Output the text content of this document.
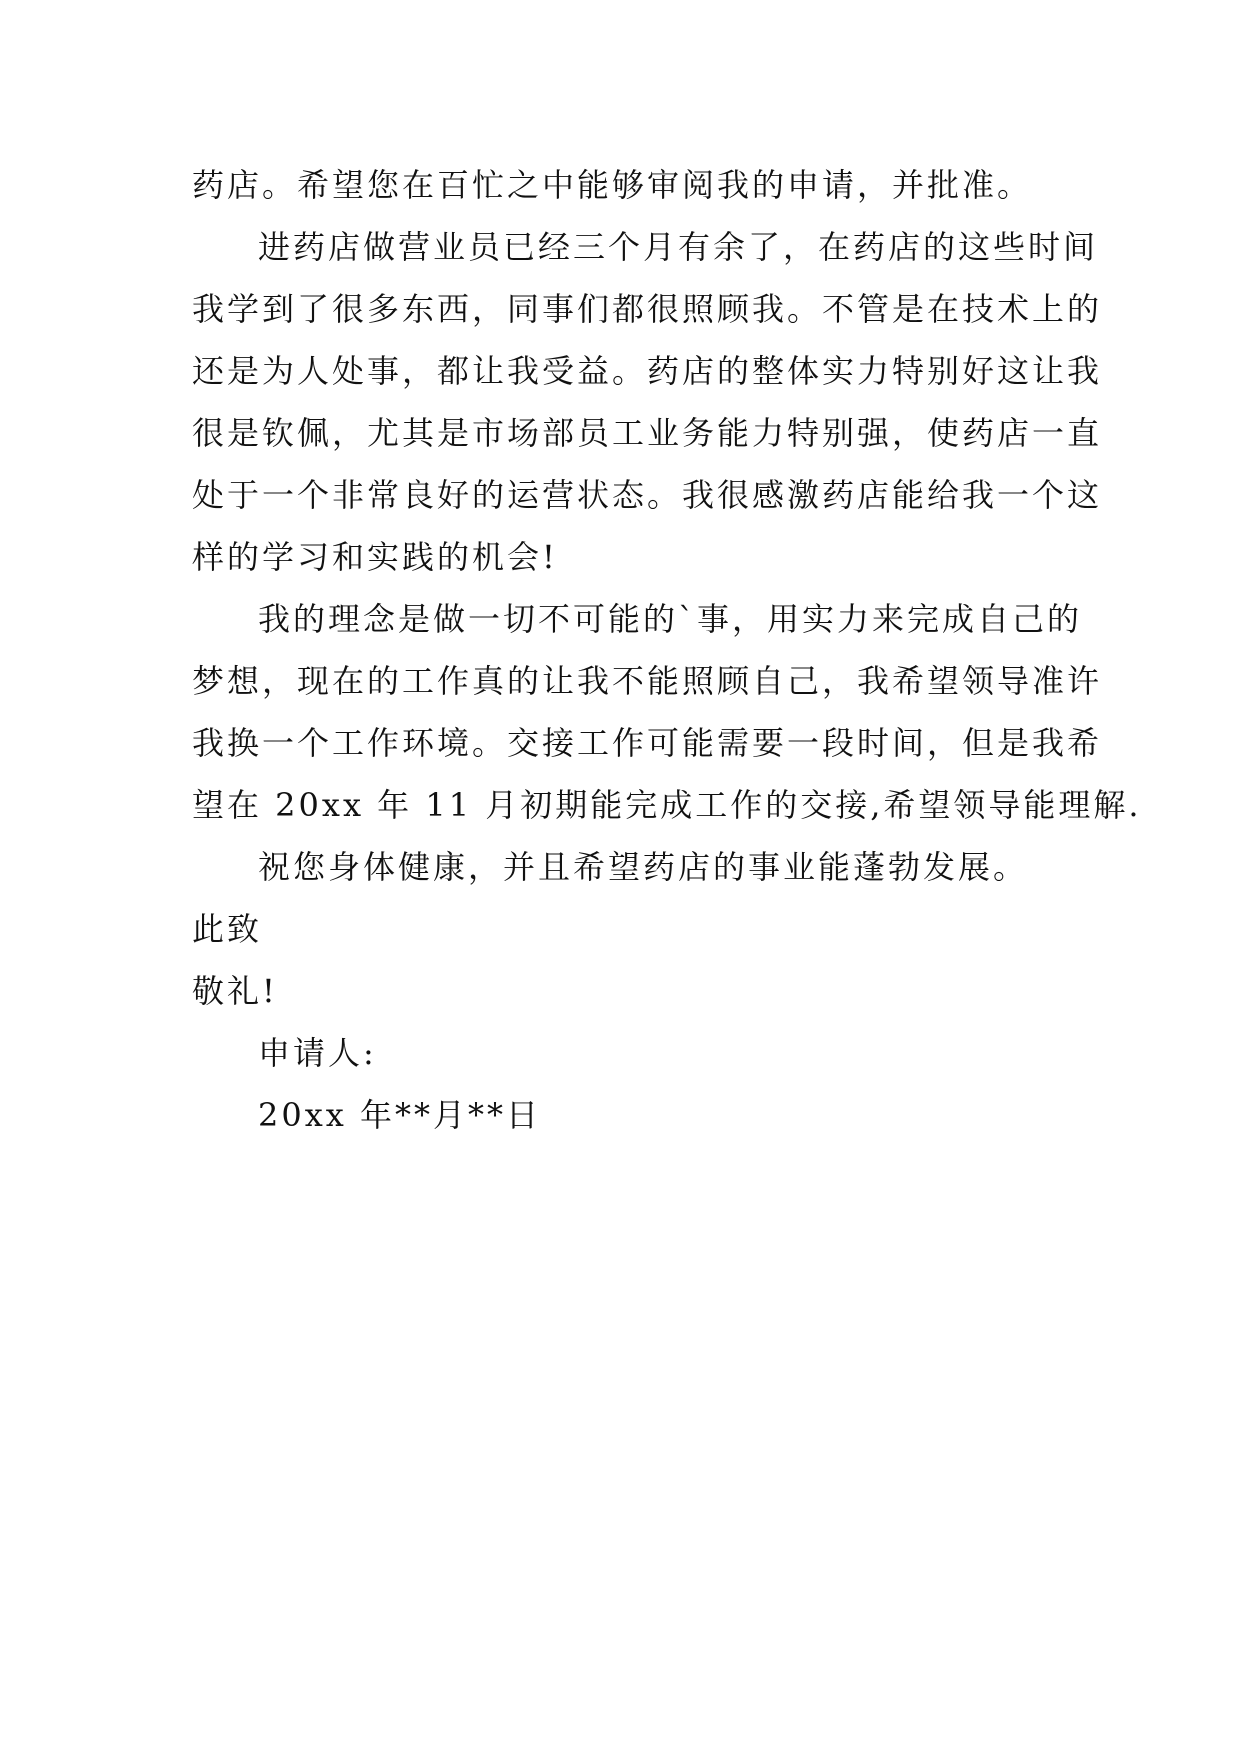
药店。希望您在百忙之中能够审阅我的申请，并批准。
进药店做营业员已经三个月有余了，在药店的这些时间
我学到了很多东西，同事们都很照顾我。不管是在技术上的
还是为人处事，都让我受益。药店的整体实力特别好这让我
很是钦佩，尤其是市场部员工业务能力特别强，使药店一直
处于一个非常良好的运营状态。我很感激药店能给我一个这
样的学习和实践的机会!
我的理念是做一切不可能的`事，用实力来完成自己的
梦想，现在的工作真的让我不能照顾自己，我希望领导准许
我换一个工作环境。交接工作可能需要一段时间，但是我希
望在 20xx 年 11 月初期能完成工作的交接,希望领导能理解.
祝您身体健康，并且希望药店的事业能蓬勃发展。
此致
敬礼!
申请人:
20xx 年**月**日
